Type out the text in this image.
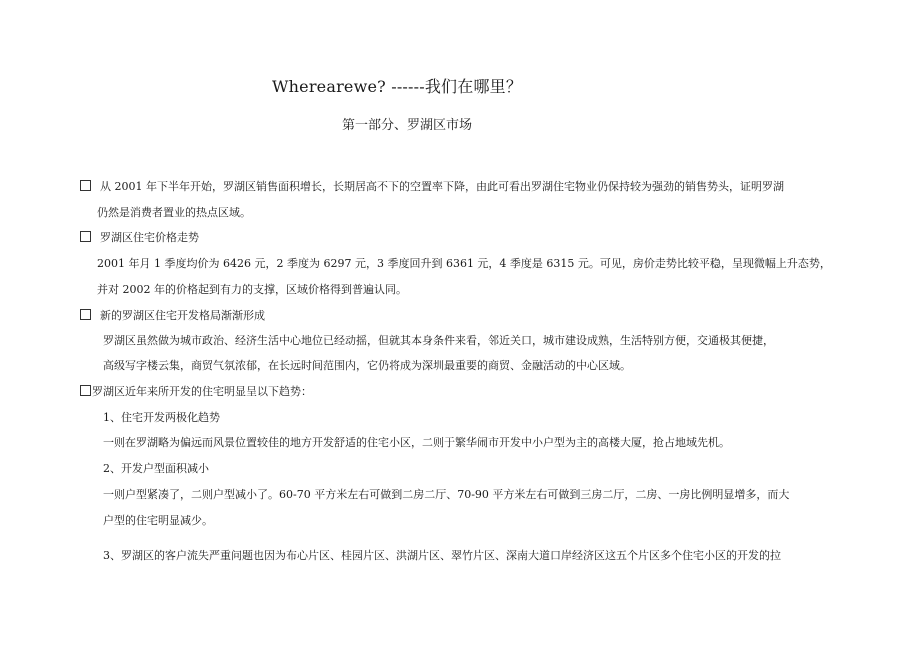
Wherearewe? ------我们在哪里？
第一部分、罗湖区市场
从 2001 年下半年开始，罗湖区销售面积增长，长期居高不下的空置率下降，由此可看出罗湖住宅物业仍保持较为强劲的销售势头，证明罗湖
仍然是消费者置业的热点区域。
罗湖区住宅价格走势
2001 年月 1 季度均价为 6426 元，2 季度为 6297 元，3 季度回升到 6361 元，4 季度是 6315 元。可见，房价走势比较平稳，呈现微幅上升态势，
并对 2002 年的价格起到有力的支撑，区域价格得到普遍认同。
新的罗湖区住宅开发格局渐渐形成
罗湖区虽然做为城市政治、经济生活中心地位已经动摇，但就其本身条件来看，邻近关口，城市建设成熟，生活特别方便，交通极其便捷，
高级写字楼云集，商贸气氛浓郁，在长远时间范围内，它仍将成为深圳最重要的商贸、金融活动的中心区域。
罗湖区近年来所开发的住宅明显呈以下趋势：
1、住宅开发两极化趋势
一则在罗湖略为偏远而风景位置较佳的地方开发舒适的住宅小区，二则于繁华闹市开发中小户型为主的高楼大厦，抢占地域先机。
2、开发户型面积减小
一则户型紧凑了，二则户型减小了。60-70 平方米左右可做到二房二厅、70-90 平方米左右可做到三房二厅，二房、一房比例明显增多，而大
户型的住宅明显减少。
3、罗湖区的客户流失严重问题也因为布心片区、桂园片区、洪湖片区、翠竹片区、深南大道口岸经济区这五个片区多个住宅小区的开发的拉
